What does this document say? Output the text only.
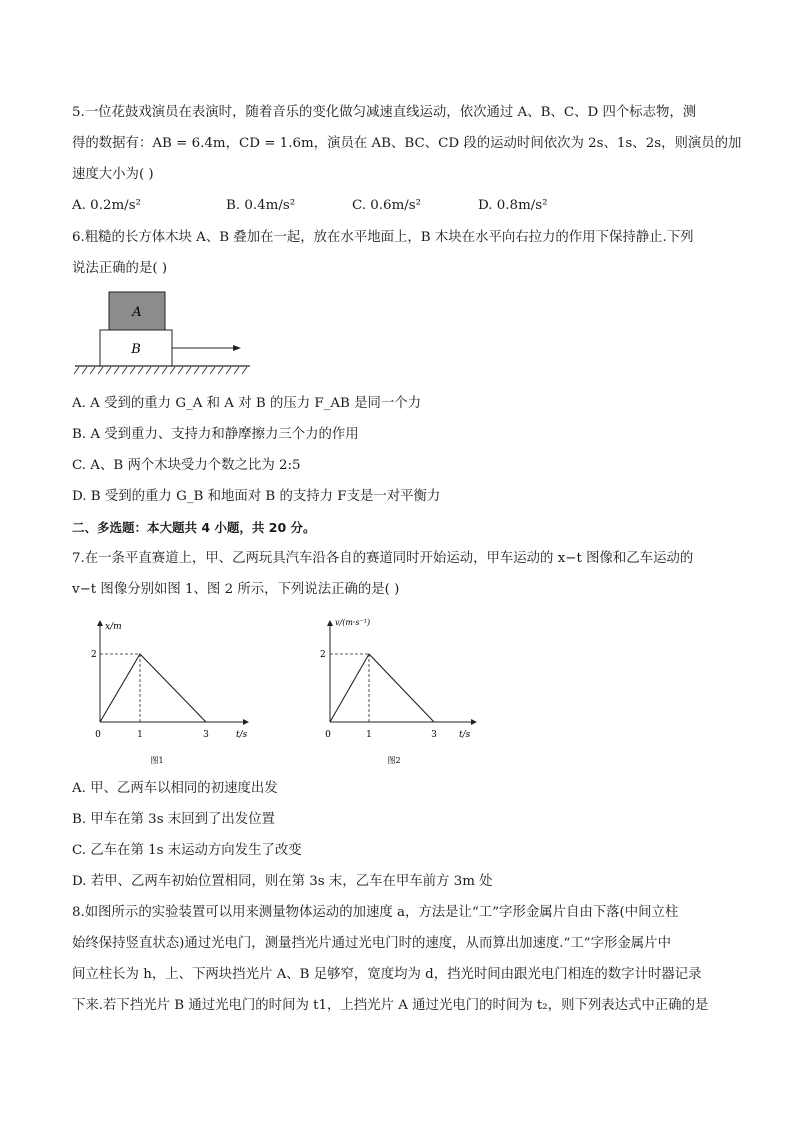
5.一位花鼓戏演员在表演时，随着音乐的变化做匀减速直线运动，依次通过 A、B、C、D 四个标志物，测
得的数据有：AB = 6.4m，CD = 1.6m，演员在 AB、BC、CD 段的运动时间依次为 2s、1s、2s，则演员的加
速度大小为( )
A. 0.2m/s²	B. 0.4m/s²	C. 0.6m/s²	D. 0.8m/s²
6.粗糙的长方体木块 A、B 叠加在一起，放在水平地面上，B 木块在水平向右拉力的作用下保持静止.下列
说法正确的是( )
A
B
A. A 受到的重力 G_A 和 A 对 B 的压力 F_AB 是同一个力
B. A 受到重力、支持力和静摩擦力三个力的作用
C. A、B 两个木块受力个数之比为 2:5
D. B 受到的重力 G_B 和地面对 B 的支持力 F支是一对平衡力
二、多选题：本大题共 4 小题，共 20 分。
7.在一条平直赛道上，甲、乙两玩具汽车沿各自的赛道同时开始运动，甲车运动的 x−t 图像和乙车运动的
v−t 图像分别如图 1、图 2 所示，下列说法正确的是( )
x/m
t/s
2
0	1	3
图1
v/(m·s⁻¹)
t/s
2
0	1	3
图2
A. 甲、乙两车以相同的初速度出发
B. 甲车在第 3s 末回到了出发位置
C. 乙车在第 1s 末运动方向发生了改变
D. 若甲、乙两车初始位置相同，则在第 3s 末，乙车在甲车前方 3m 处
8.如图所示的实验装置可以用来测量物体运动的加速度 a，方法是让“工”字形金属片自由下落(中间立柱
始终保持竖直状态)通过光电门，测量挡光片通过光电门时的速度，从而算出加速度.“工”字形金属片中
间立柱长为 h，上、下两块挡光片 A、B 足够窄，宽度均为 d，挡光时间由跟光电门相连的数字计时器记录
下来.若下挡光片 B 通过光电门的时间为 t1，上挡光片 A 通过光电门的时间为 t₂，则下列表达式中正确的是
